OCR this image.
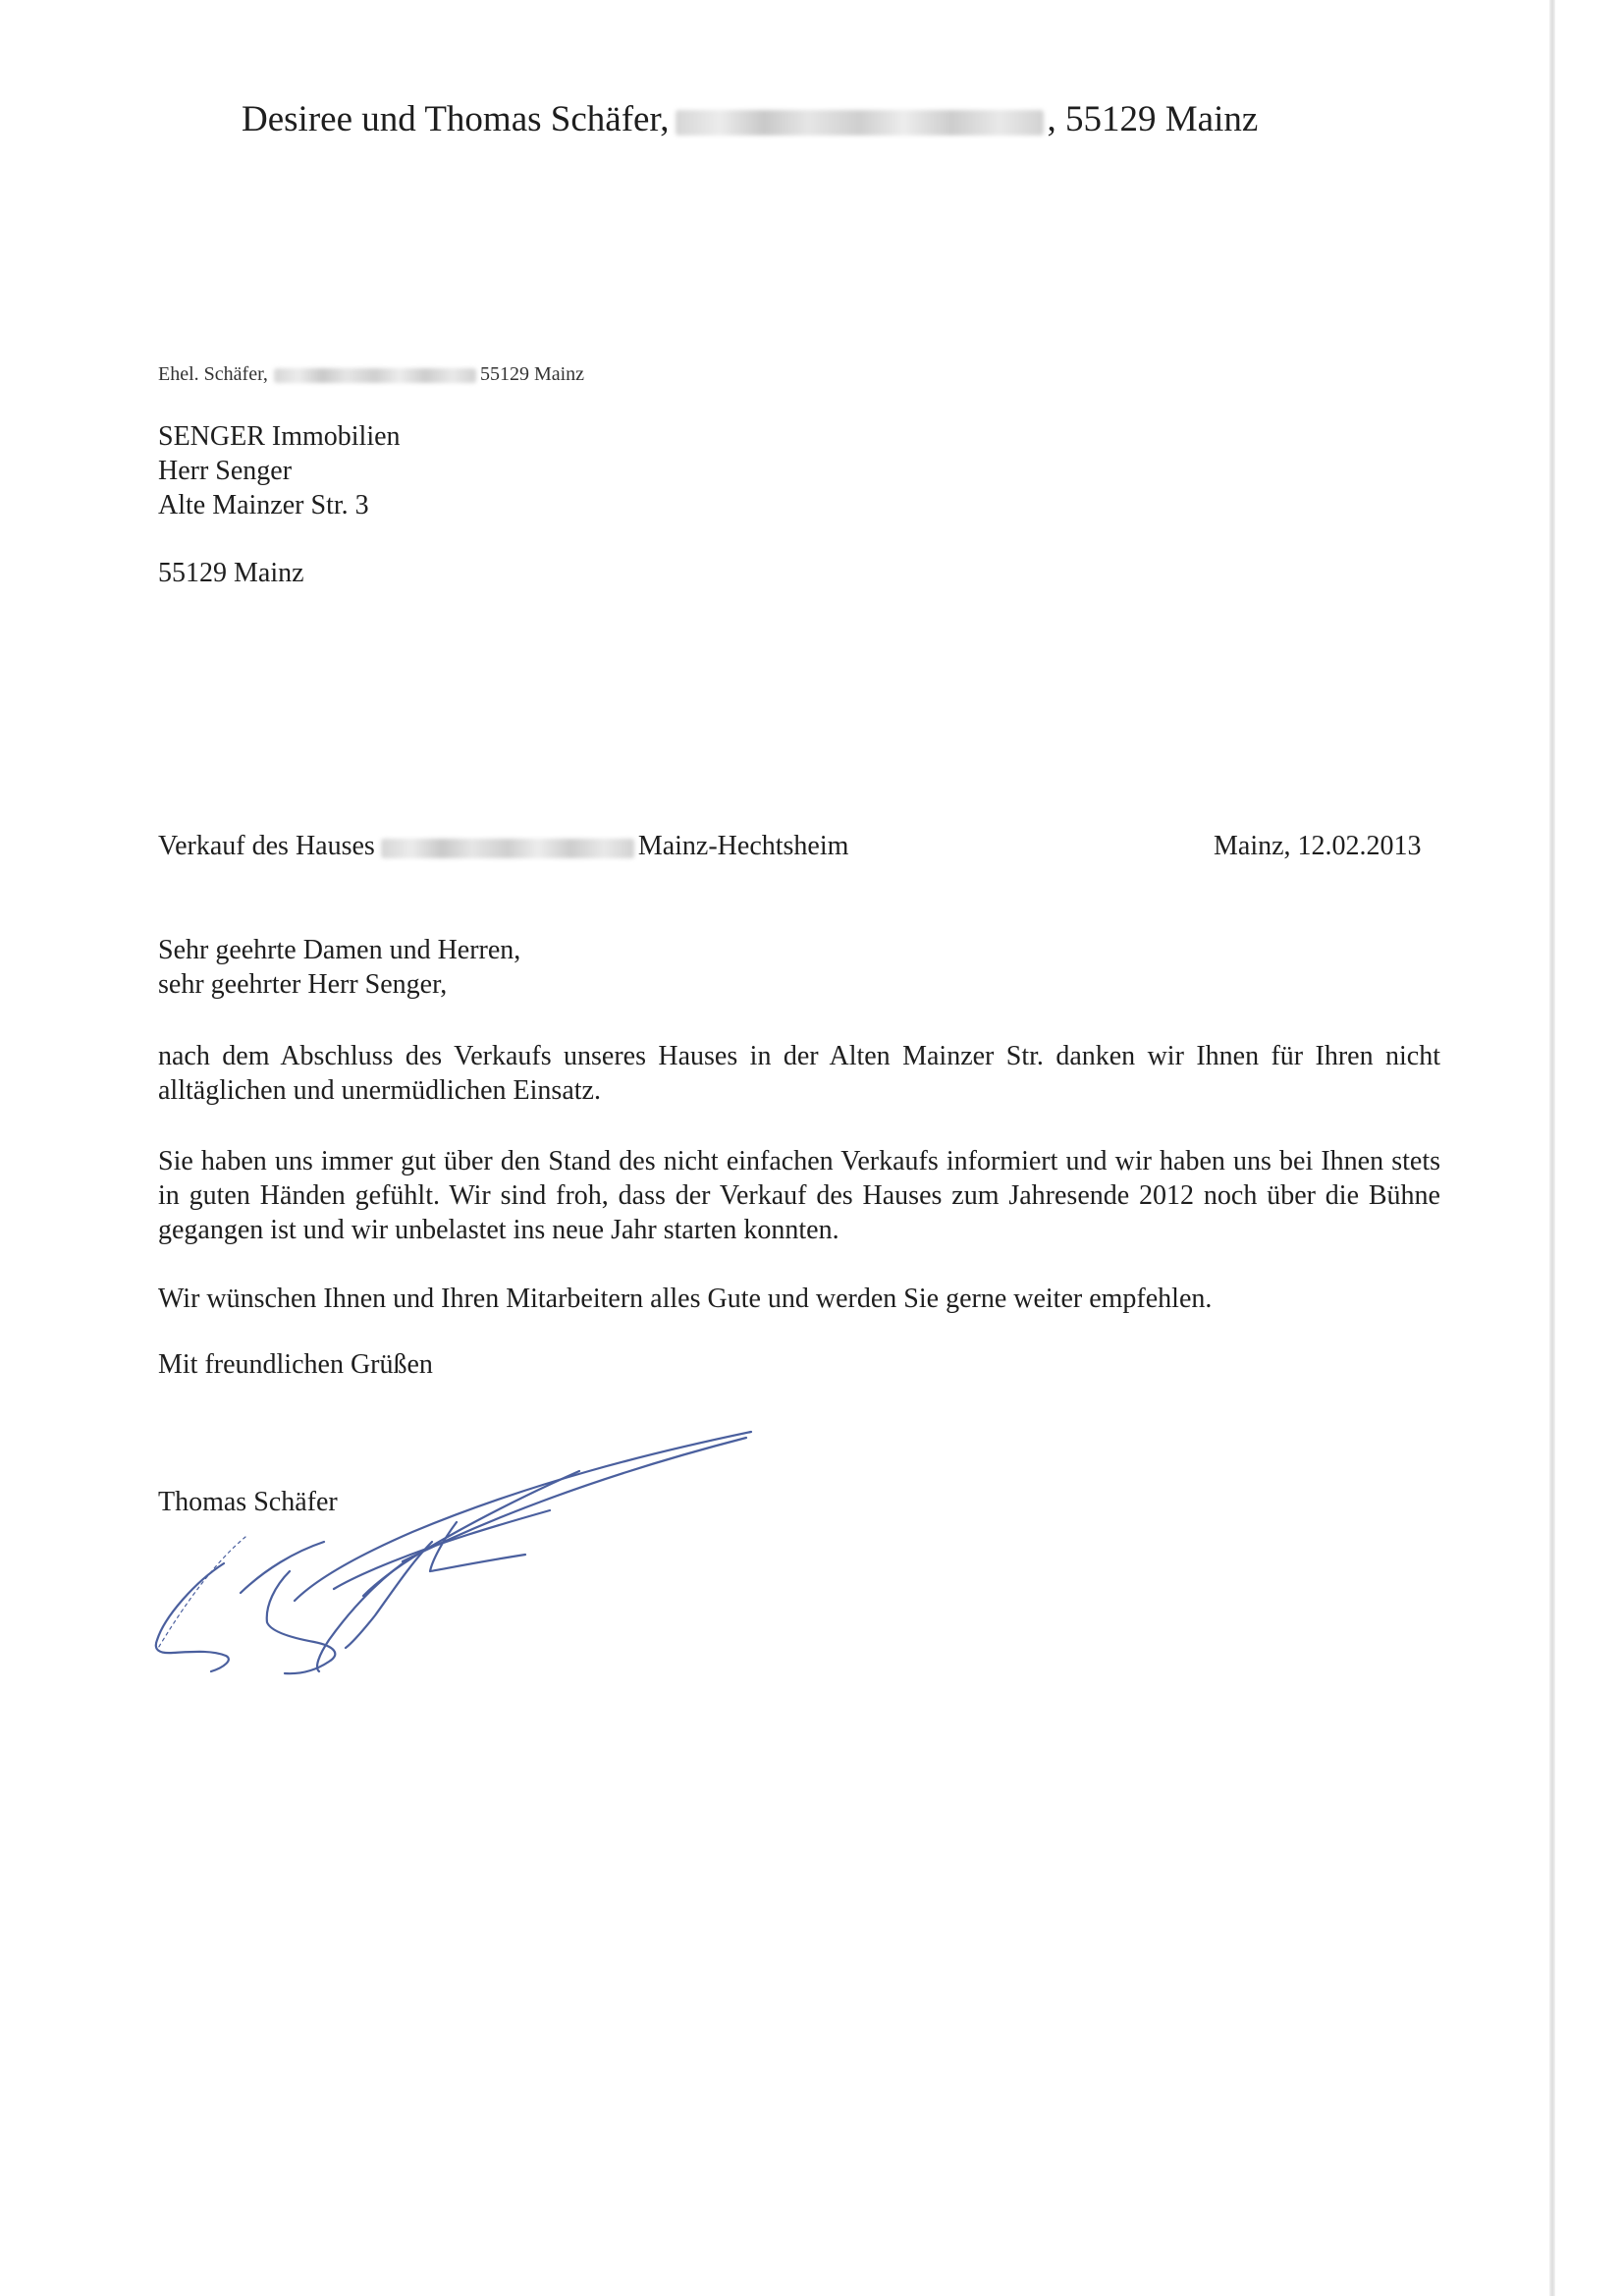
Desiree und Thomas Schäfer,	, 55129 Mainz
Ehel. Schäfer,	55129 Mainz
SENGER Immobilien
Herr Senger
Alte Mainzer Str. 3
55129 Mainz
Verkauf des Hauses	Mainz-Hechtsheim	Mainz, 12.02.2013
Sehr geehrte Damen und Herren,
sehr geehrter Herr Senger,
nach dem Abschluss des Verkaufs unseres Hauses in der Alten Mainzer Str. danken wir Ihnen für Ihren nicht alltäglichen und unermüdlichen Einsatz.
Sie haben uns immer gut über den Stand des nicht einfachen Verkaufs informiert und wir haben uns bei Ihnen stets in guten Händen gefühlt. Wir sind froh, dass der Verkauf des Hauses zum Jahresende 2012 noch über die Bühne gegangen ist und wir unbelastet ins neue Jahr starten konnten.
Wir wünschen Ihnen und Ihren Mitarbeitern alles Gute und werden Sie gerne weiter empfehlen.
Mit freundlichen Grüßen
Thomas Schäfer
